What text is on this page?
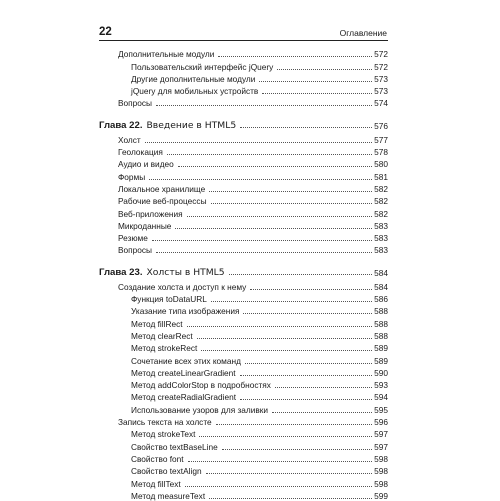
22	Оглавление
Дополнительные модули	572
Пользовательский интерфейс jQuery	572
Другие дополнительные модули	573
jQuery для мобильных устройств	573
Вопросы	574
Глава 22. Введение в HTML5	576
Холст	577
Геолокация	578
Аудио и видео	580
Формы	581
Локальное хранилище	582
Рабочие веб-процессы	582
Веб-приложения	582
Микроданные	583
Резюме	583
Вопросы	583
Глава 23. Холсты в HTML5	584
Создание холста и доступ к нему	584
Функция toDataURL	586
Указание типа изображения	588
Метод fillRect	588
Метод clearRect	588
Метод strokeRect	589
Сочетание всех этих команд	589
Метод createLinearGradient	590
Метод addColorStop в подробностях	593
Метод createRadialGradient	594
Использование узоров для заливки	595
Запись текста на холсте	596
Метод strokeText	597
Свойство textBaseLine	597
Свойство font	598
Свойство textAlign	598
Метод fillText	598
Метод measureText	599
